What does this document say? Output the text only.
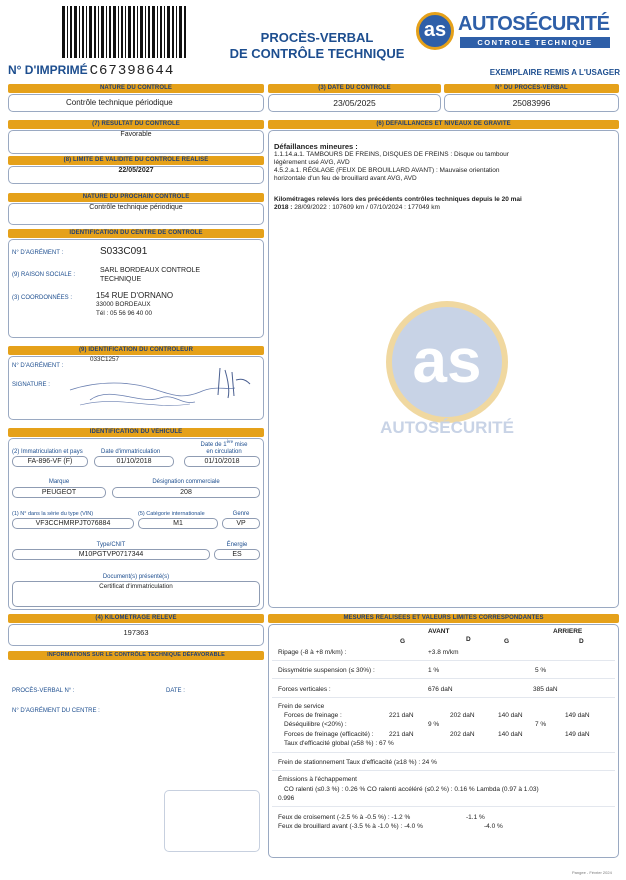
N° D'IMPRIMÉ C67398644
PROCÈS-VERBAL
DE CONTRÔLE TECHNIQUE
as AUTOSÉCURITÉ
CONTROLE TECHNIQUE
EXEMPLAIRE REMIS A L'USAGER
NATURE DU CONTRÔLE
Contrôle technique périodique
(3) DATE DU CONTRÔLE
23/05/2025
N° DU PROCÈS-VERBAL
25083996
(7) RÉSULTAT DU CONTRÔLE
Favorable
(8) LIMITE DE VALIDITÉ DU CONTRÔLE RÉALISÉ
22/05/2027
NATURE DU PROCHAIN CONTRÔLE
Contrôle technique périodique
IDENTIFICATION DU CENTRE DE CONTRÔLE
N° D'AGRÉMENT :	S033C091
(9) RAISON SOCIALE :
SARL BORDEAUX CONTROLE
TECHNIQUE
(3) COORDONNÉES :	154 RUE D'ORNANO
33000 BORDEAUX
Tél : 05 56 96 40 00
(9) IDENTIFICATION DU CONTRÔLEUR
N° D'AGRÉMENT :
033C1257
SIGNATURE :
IDENTIFICATION DU VÉHICULE
(2) Immatriculation et pays
FA-896-VF (F)
Date d'immatriculation
01/10/2018
Date de 1ère mise
en circulation
01/10/2018
Marque
PEUGEOT
Désignation commerciale
208
(1) N° dans la série du type (VIN)
VF3CCHMRPJT076884
(5) Catégorie internationale
M1
Genre
VP
Type/CNIT
M10PGTVP0717344
Énergie
ES
Document(s) présenté(s)
Certificat d'immatriculation
(4) KILOMÉTRAGE RELEVÉ
197363
INFORMATIONS SUR LE CONTRÔLE TECHNIQUE DÉFAVORABLE
PROCÈS-VERBAL N° :	DATE :
N° D'AGRÉMENT DU CENTRE :
(6) DÉFAILLANCES ET NIVEAUX DE GRAVITÉ
Défaillances mineures :
1.1.14.a.1. TAMBOURS DE FREINS, DISQUES DE FREINS : Disque ou tambour
légèrement usé AVG, AVD
4.5.2.a.1. RÉGLAGE (FEUX DE BROUILLARD AVANT) : Mauvaise orientation
horizontale d'un feu de brouillard avant AVG, AVD
Kilométrages relevés lors des précédents contrôles techniques depuis le 20 mai
2018 : 28/09/2022 : 107609 km / 07/10/2024 : 177049 km
as
AUTOSÉCURITÉ
MESURES RÉALISÉES ET VALEURS LIMITES CORRESPONDANTES
AVANT	ARRIERE
G	D	G	D
Ripage (-8 à +8 m/km) :	+3.8 m/km
Dissymétrie suspension (≤ 30%) :	1 %	5 %
Forces verticales :	676 daN	385 daN
Frein de service
Forces de freinage :	221 daN	202 daN	140 daN	149 daN
Déséquilibre (<20%) :	9 %	7 %
Forces de freinage (efficacité) : 221 daN	202 daN	140 daN	149 daN
Taux d'efficacité global (≥58 %) : 67 %
Frein de stationnement Taux d'efficacité (≥18 %) : 24 %
Émissions à l'échappement
CO ralenti (≤0.3 %) : 0.26 % CO ralenti accéléré (≤0.2 %) : 0.16 % Lambda (0.97 à 1.03)
0.996
Feux de croisement (-2.5 % à -0.5 %) : -1.2 %	-1.1 %
Feux de brouillard avant (-3.5 % à -1.0 %) : -4.0 %	-4.0 %
Pangee - Février 2024
